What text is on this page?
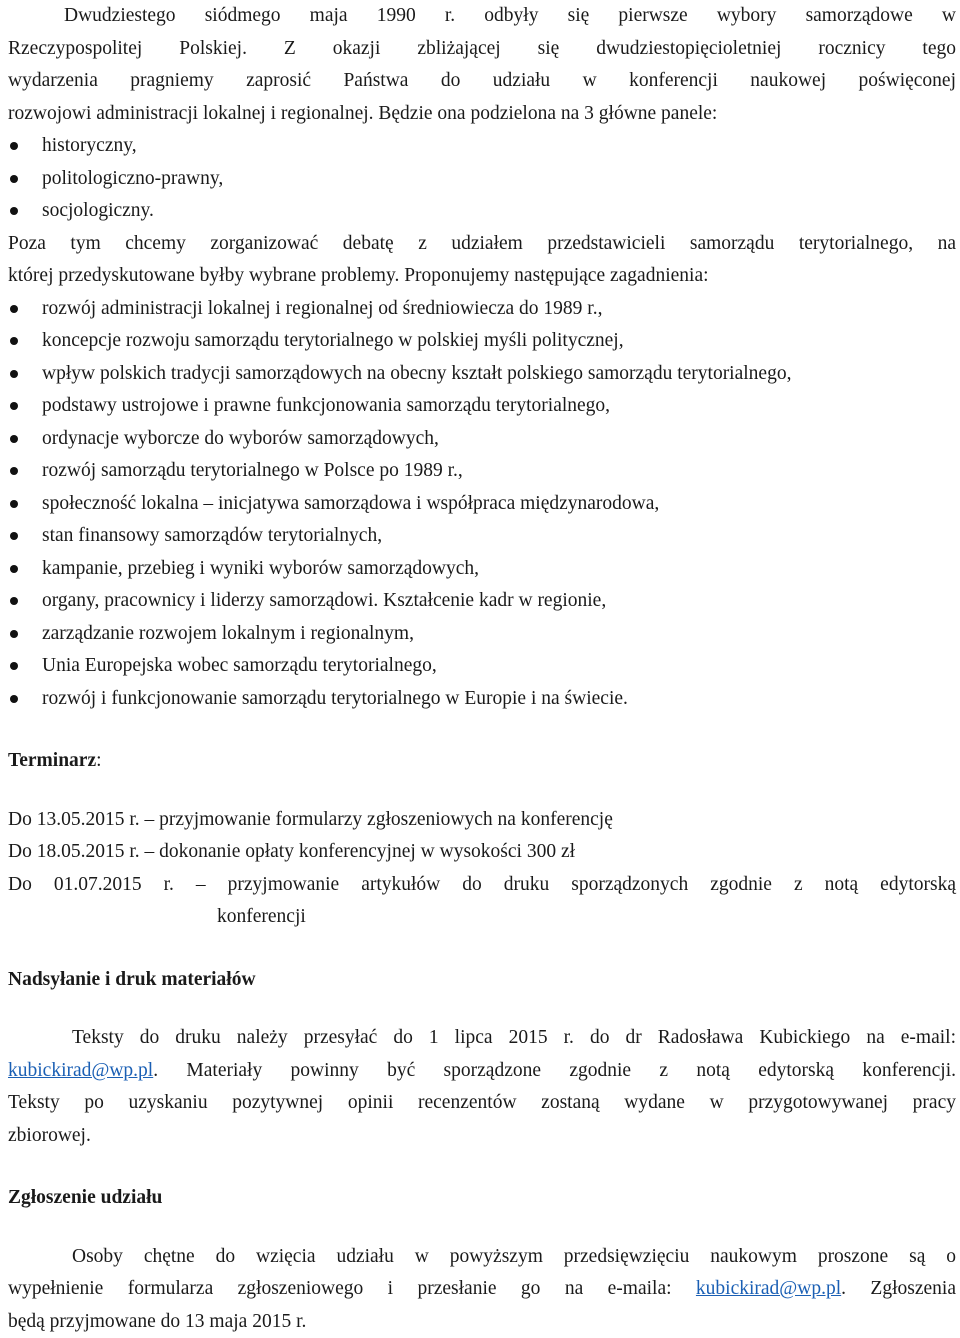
Dwudziestego siódmego maja 1990 r. odbyły się pierwsze wybory samorządowe w

Rzeczypospolitej Polskiej. Z okazji zbliżającej się dwudziestopięcioletniej rocznicy tego

wydarzenia pragniemy zaprosić Państwa do udziału w konferencji naukowej poświęconej

rozwojowi administracji lokalnej i regionalnej. Będzie ona podzielona na 3 główne panele:

historyczny,
politologiczno-prawny,
socjologiczny.

Poza tym chcemy zorganizować debatę z udziałem przedstawicieli samorządu terytorialnego, na

której przedyskutowane byłby wybrane problemy. Proponujemy następujące zagadnienia:

rozwój administracji lokalnej i regionalnej od średniowiecza do 1989 r.,
koncepcje rozwoju samorządu terytorialnego w polskiej myśli politycznej,
wpływ polskich tradycji samorządowych na obecny kształt polskiego samorządu terytorialnego,
podstawy ustrojowe i prawne funkcjonowania samorządu terytorialnego,
ordynacje wyborcze do wyborów samorządowych,
rozwój samorządu terytorialnego w Polsce po 1989 r.,
społeczność lokalna – inicjatywa samorządowa i współpraca międzynarodowa,
stan finansowy samorządów terytorialnych,
kampanie, przebieg i wyniki wyborów samorządowych,
organy, pracownicy i liderzy samorządowi. Kształcenie kadr w regionie,
zarządzanie rozwojem lokalnym i regionalnym,
Unia Europejska wobec samorządu terytorialnego,
rozwój i funkcjonowanie samorządu terytorialnego w Europie i na świecie.

Terminarz:

Do 13.05.2015 r. – przyjmowanie formularzy zgłoszeniowych na konferencję

Do 18.05.2015 r. – dokonanie opłaty konferencyjnej w wysokości 300 zł

Do 01.07.2015 r. – przyjmowanie artykułów do druku sporządzonych zgodnie z notą edytorską

konferencji

Nadsyłanie i druk materiałów

Teksty do druku należy przesyłać do 1 lipca 2015 r. do dr Radosława Kubickiego na e-mail:

kubickirad@wp.pl. Materiały powinny być sporządzone zgodnie z notą edytorską konferencji.

Teksty po uzyskaniu pozytywnej opinii recenzentów zostaną wydane w przygotowywanej pracy

zbiorowej.

Zgłoszenie udziału

Osoby chętne do wzięcia udziału w powyższym przedsięwzięciu naukowym proszone są o

wypełnienie formularza zgłoszeniowego i przesłanie go na e-maila: kubickirad@wp.pl. Zgłoszenia

będą przyjmowane do 13 maja 2015 r.
